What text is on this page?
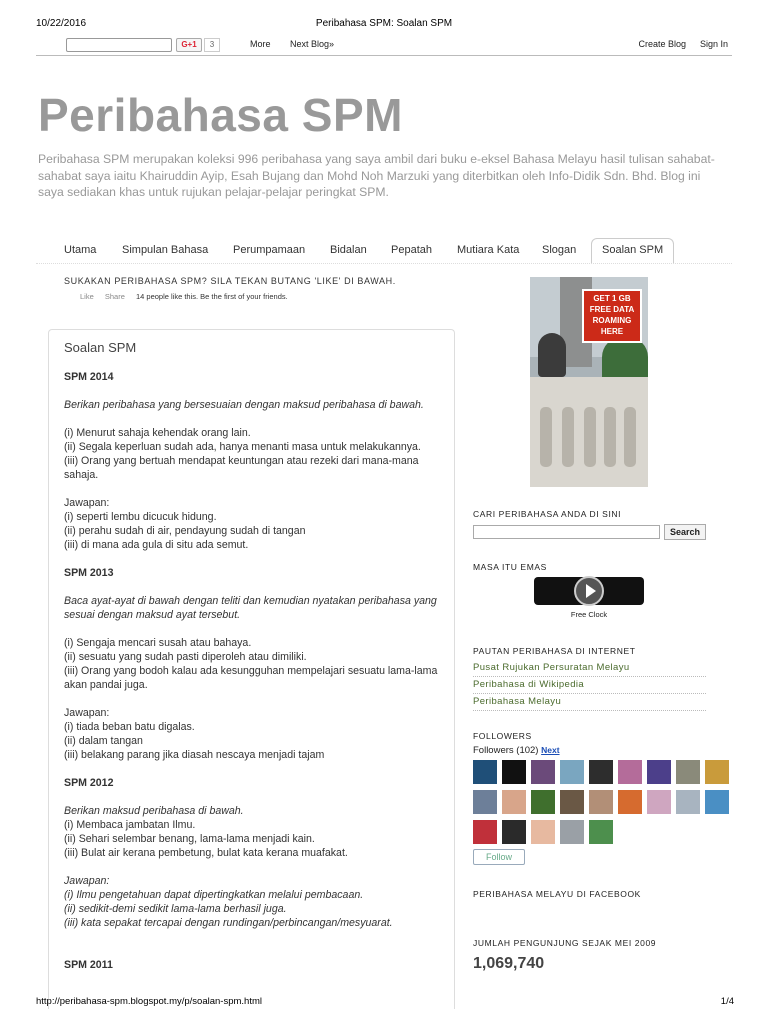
10/22/2016	Peribahasa SPM: Soalan SPM
G+1	3	More Next Blog»	Create Blog Sign In
Peribahasa SPM
Peribahasa SPM merupakan koleksi 996 peribahasa yang saya ambil dari buku e-eksel Bahasa Melayu hasil tulisan sahabat-sahabat saya iaitu Khairuddin Ayip, Esah Bujang dan Mohd Noh Marzuki yang diterbitkan oleh Info-Didik Sdn. Bhd. Blog ini saya sediakan khas untuk rujukan pelajar-pelajar peringkat SPM.
Utama Simpulan Bahasa Perumpamaan Bidalan Pepatah Mutiara Kata Slogan	Soalan SPM
SUKAKAN PERIBAHASA SPM? SILA TEKAN BUTANG 'LIKE' DI BAWAH.
Like Share 14 people like this. Be the first of your friends.
Soalan SPM

SPM 2014

Berikan peribahasa yang bersesuaian dengan maksud peribahasa di bawah.

(i) Menurut sahaja kehendak orang lain.

(ii) Segala keperluan sudah ada, hanya menanti masa untuk melakukannya.

(iii) Orang yang bertuah mendapat keuntungan atau rezeki dari mana-mana sahaja.

Jawapan:

(i) seperti lembu dicucuk hidung.

(ii) perahu sudah di air, pendayung sudah di tangan

(iii) di mana ada gula di situ ada semut.

SPM 2013

Baca ayat-ayat di bawah dengan teliti dan kemudian nyatakan peribahasa yang sesuai dengan maksud ayat tersebut.

(i) Sengaja mencari susah atau bahaya.

(ii) sesuatu yang sudah pasti diperoleh atau dimiliki.

(iii) Orang yang bodoh kalau ada kesungguhan mempelajari sesuatu lama-lama akan pandai juga.

Jawapan:

(i) tiada beban batu digalas.

(ii) dalam tangan

(iii) belakang parang jika diasah nescaya menjadi tajam

SPM 2012

Berikan maksud peribahasa di bawah.

(i) Membaca jambatan Ilmu.

(ii) Sehari selembar benang, lama-lama menjadi kain.

(iii) Bulat air kerana pembetung, bulat kata kerana muafakat.

Jawapan:

(i) Ilmu pengetahuan dapat dipertingkatkan melalui pembacaan.

(ii) sedikit-demi sedikit lama-lama berhasil juga.

(iii) kata sepakat tercapai dengan rundingan/perbincangan/mesyuarat.

SPM 2011

GET 1 GB FREE DATA ROAMING HERE
CARI PERIBAHASA ANDA DI SINI
Search
MASA ITU EMAS
Free Clock
PAUTAN PERIBAHASA DI INTERNET
Pusat Rujukan Persuratan Melayu
Peribahasa di Wikipedia
Peribahasa Melayu
FOLLOWERS
Followers (102) Next
Follow
PERIBAHASA MELAYU DI FACEBOOK
JUMLAH PENGUNJUNG SEJAK MEI 2009
1,069,740
http://peribahasa-spm.blogspot.my/p/soalan-spm.html	1/4
